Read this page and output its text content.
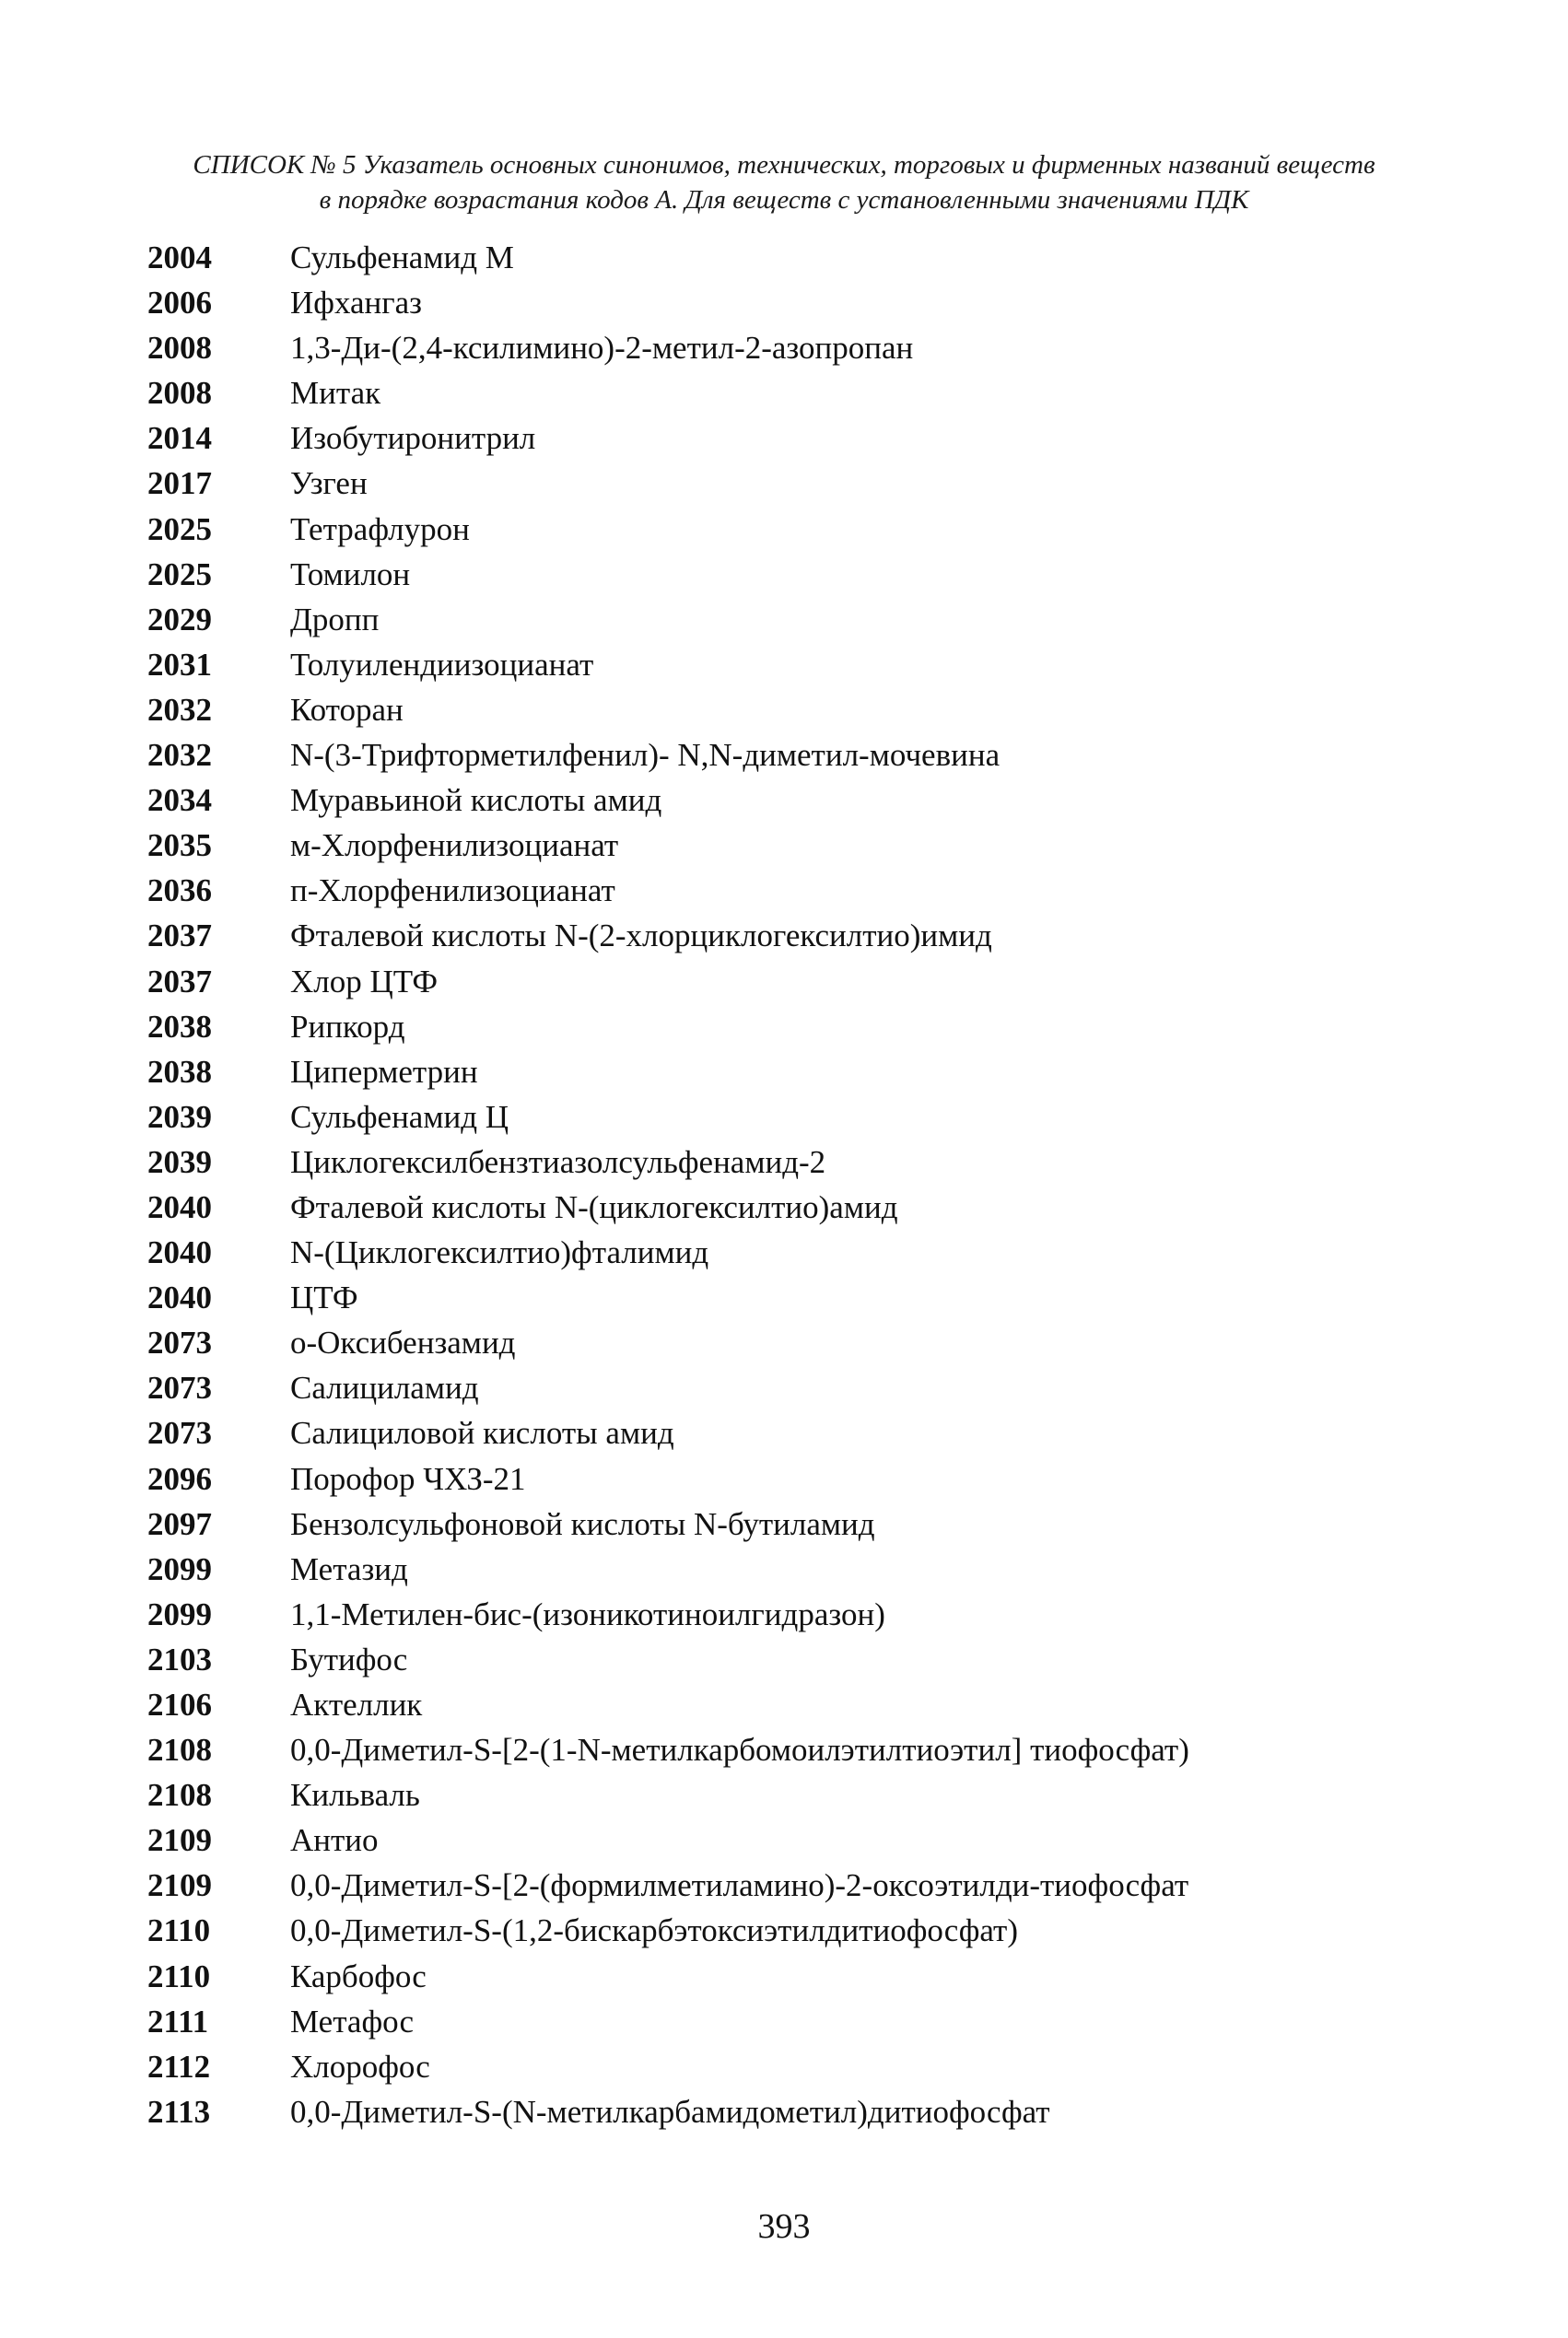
СПИСОК № 5 Указатель основных синонимов, технических, торговых и фирменных названий веществ
в порядке возрастания кодов А. Для веществ с установленными значениями ПДК
2004	Сульфенамид М
2006	Ифхангаз
2008	1,3-Ди-(2,4-ксилимино)-2-метил-2-азопропан
2008	Митак
2014	Изобутиронитрил
2017	Узген
2025	Тетрафлурон
2025	Томилон
2029	Дропп
2031	Толуилендиизоцианат
2032	Которан
2032	N-(3-Трифторметилфенил)- N,N-диметил-мочевина
2034	Муравьиной кислоты амид
2035	м-Хлорфенилизоцианат
2036	п-Хлорфенилизоцианат
2037	Фталевой кислоты N-(2-хлорциклогексилтио)имид
2037	Хлор ЦТФ
2038	Рипкорд
2038	Циперметрин
2039	Сульфенамид Ц
2039	Циклогексилбензтиазолсульфенамид-2
2040	Фталевой кислоты N-(циклогексилтио)амид
2040	N-(Циклогексилтио)фталимид
2040	ЦТФ
2073	о-Оксибензамид
2073	Салициламид
2073	Салициловой кислоты амид
2096	Порофор ЧХЗ-21
2097	Бензолсульфоновой кислоты N-бутиламид
2099	Метазид
2099	1,1-Метилен-бис-(изоникотиноилгидразон)
2103	Бутифос
2106	Актеллик
2108	0,0-Диметил-S-[2-(1-N-метилкарбомоилэтилтиоэтил] тиофосфат)
2108	Кильваль
2109	Антио
2109	0,0-Диметил-S-[2-(формилметиламино)-2-оксоэтилди-тиофосфат
2110	0,0-Диметил-S-(1,2-бискарбэтоксиэтилдитиофосфат)
2110	Карбофос
2111	Метафос
2112	Хлорофос
2113	0,0-Диметил-S-(N-метилкарбамидометил)дитиофосфат
393
